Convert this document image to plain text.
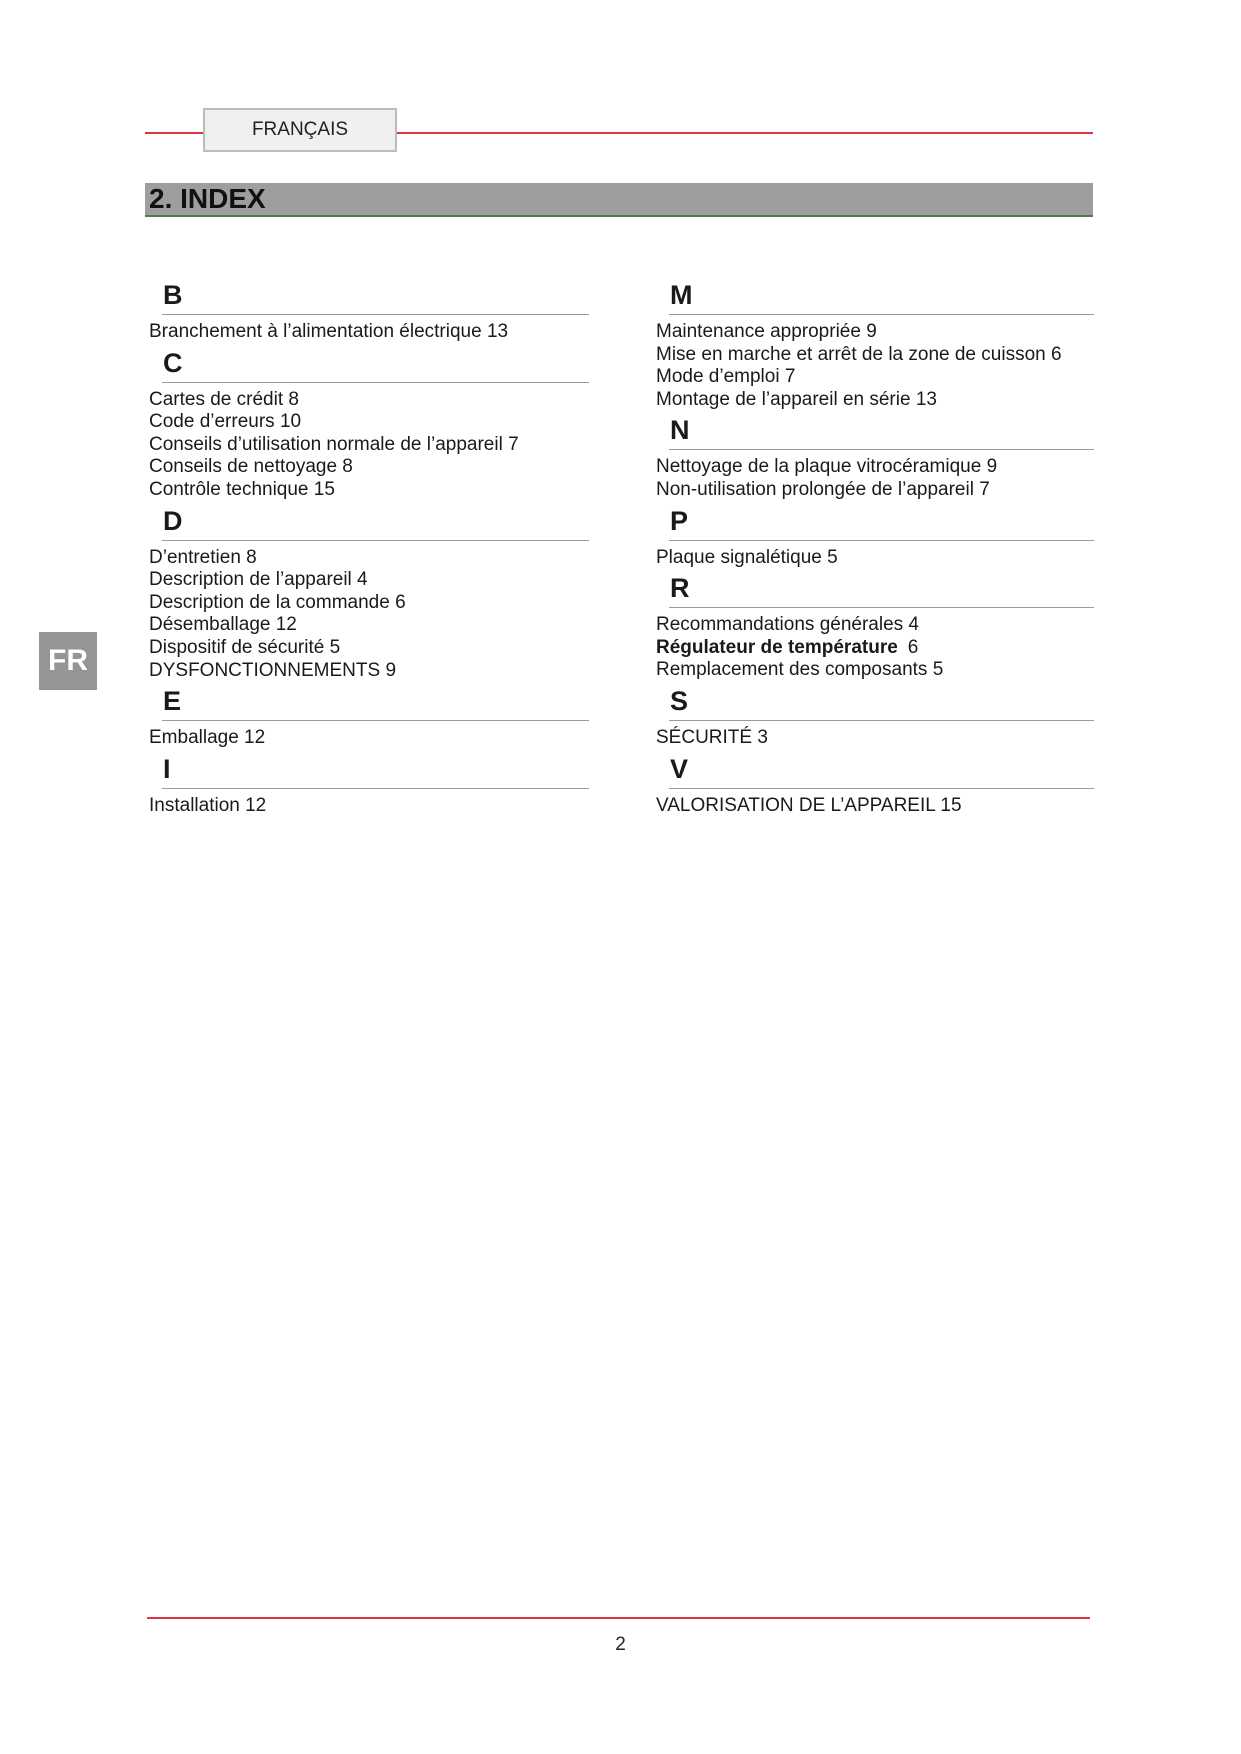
FRANÇAIS
2. INDEX
FR
B
Branchement à l’alimentation électrique 13
C
Cartes de crédit 8
Code d’erreurs 10
Conseils d’utilisation normale de l’appareil 7
Conseils de nettoyage 8
Contrôle technique 15
D
D’entretien 8
Description de l’appareil 4
Description de la commande 6
Désemballage 12
Dispositif de sécurité 5
DYSFONCTIONNEMENTS 9
E
Emballage 12
I
Installation 12
M
Maintenance appropriée 9
Mise en marche et arrêt de la zone de cuisson 6
Mode d’emploi 7
Montage de l’appareil en série 13
N
Nettoyage de la plaque vitrocéramique 9
Non-utilisation prolongée de l’appareil 7
P
Plaque signalétique 5
R
Recommandations générales 4
Régulateur de température 6
Remplacement des composants 5
S
SÉCURITÉ 3
V
VALORISATION DE L’APPAREIL 15
2
